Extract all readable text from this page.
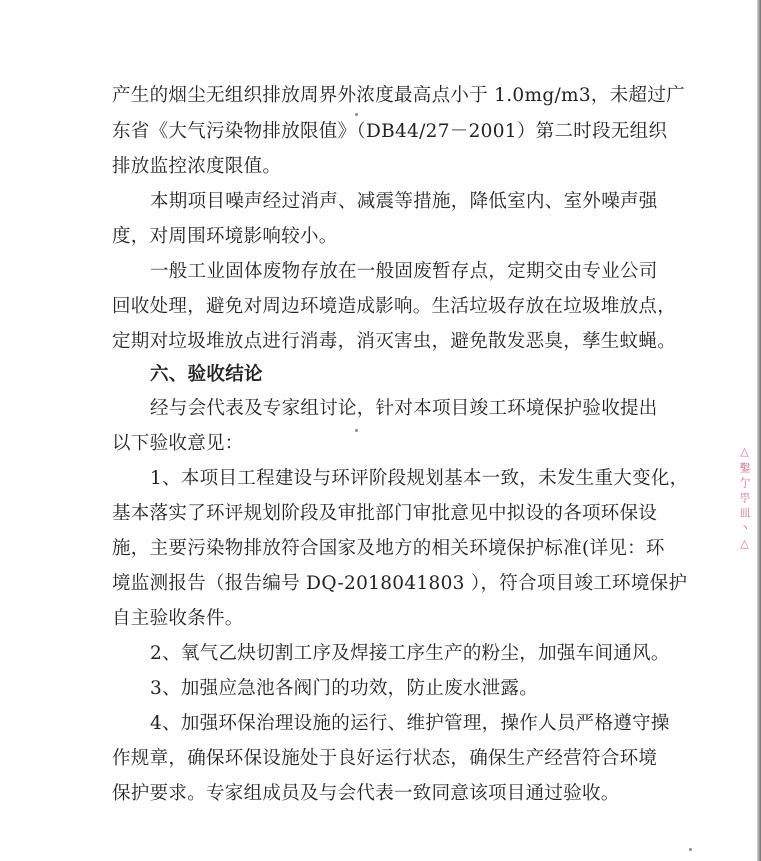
产生的烟尘无组织排放周界外浓度最高点小于 1.0mg/m3，未超过广
东省《大气污染物排放限值》（DB44/27－2001）第二时段无组织
排放监控浓度限值。
本期项目噪声经过消声、减震等措施，降低室内、室外噪声强
度，对周围环境影响较小。
一般工业固体废物存放在一般固废暂存点，定期交由专业公司
回收处理，避免对周边环境造成影响。生活垃圾存放在垃圾堆放点，
定期对垃圾堆放点进行消毒，消灭害虫，避免散发恶臭，孳生蚊蝇。
六、验收结论
经与会代表及专家组讨论，针对本项目竣工环境保护验收提出
以下验收意见：
1、本项目工程建设与环评阶段规划基本一致，未发生重大变化，
基本落实了环评规划阶段及审批部门审批意见中拟设的各项环保设
施，主要污染物排放符合国家及地方的相关环境保护标准(详见：环
境监测报告（报告编号 DQ-2018041803 ），符合项目竣工环境保护
自主验收条件。
2、氧气乙炔切割工序及焊接工序生产的粉尘，加强车间通风。
3、加强应急池各阀门的功效，防止废水泄露。
4、加强环保治理设施的运行、维护管理，操作人员严格遵守操
作规章，确保环保设施处于良好运行状态，确保生产经营符合环境
保护要求。专家组成员及与会代表一致同意该项目通过验收。
△鑿亇甼皿丶△
